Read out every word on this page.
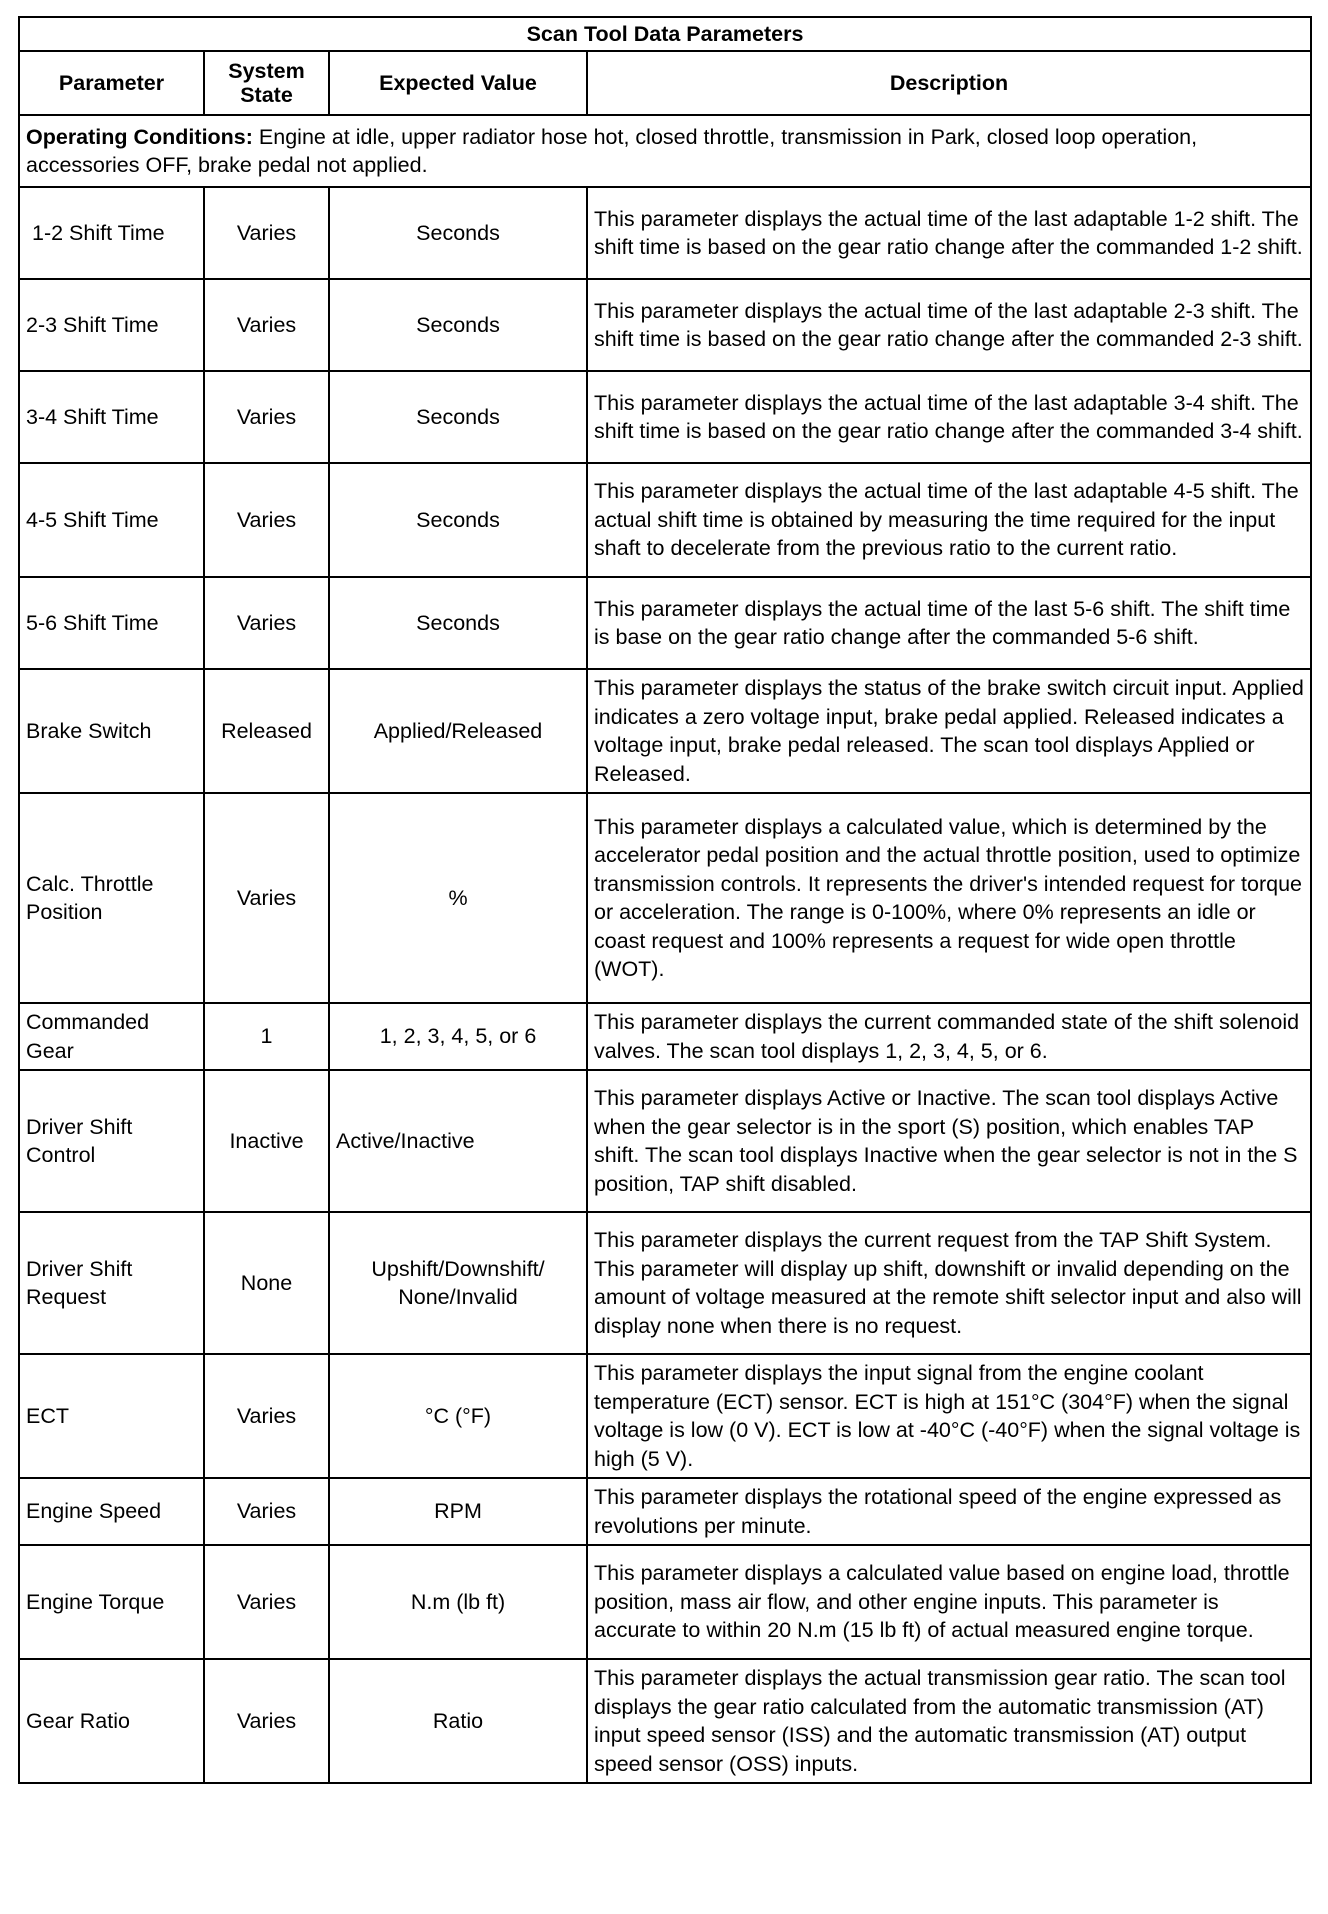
Scan Tool Data Parameters			
Parameter	System State	Expected Value	Description
Operating Conditions: Engine at idle, upper radiator hose hot, closed throttle, transmission in Park, closed loop operation, accessories OFF, brake pedal not applied.			
1-2 Shift Time	Varies	Seconds	This parameter displays the actual time of the last adaptable 1-2 shift. The shift time is based on the gear ratio change after the commanded 1-2 shift.
2-3 Shift Time	Varies	Seconds	This parameter displays the actual time of the last adaptable 2-3 shift. The shift time is based on the gear ratio change after the commanded 2-3 shift.
3-4 Shift Time	Varies	Seconds	This parameter displays the actual time of the last adaptable 3-4 shift. The shift time is based on the gear ratio change after the commanded 3-4 shift.
4-5 Shift Time	Varies	Seconds	This parameter displays the actual time of the last adaptable 4-5 shift. The actual shift time is obtained by measuring the time required for the input shaft to decelerate from the previous ratio to the current ratio.
5-6 Shift Time	Varies	Seconds	This parameter displays the actual time of the last 5-6 shift. The shift time is base on the gear ratio change after the commanded 5-6 shift.
Brake Switch	Released	Applied/Released	This parameter displays the status of the brake switch circuit input. Applied indicates a zero voltage input, brake pedal applied. Released indicates a voltage input, brake pedal released. The scan tool displays Applied or Released.
Calc. Throttle Position	Varies	%	This parameter displays a calculated value, which is determined by the accelerator pedal position and the actual throttle position, used to optimize transmission controls. It represents the driver's intended request for torque or acceleration. The range is 0-100%, where 0% represents an idle or coast request and 100% represents a request for wide open throttle (WOT).
Commanded Gear	1	1, 2, 3, 4, 5, or 6	This parameter displays the current commanded state of the shift solenoid valves. The scan tool displays 1, 2, 3, 4, 5, or 6.
Driver Shift Control	Inactive	Active/Inactive	This parameter displays Active or Inactive. The scan tool displays Active when the gear selector is in the sport (S) position, which enables TAP shift. The scan tool displays Inactive when the gear selector is not in the S position, TAP shift disabled.
Driver Shift Request	None	Upshift/Downshift/ None/Invalid	This parameter displays the current request from the TAP Shift System. This parameter will display up shift, downshift or invalid depending on the amount of voltage measured at the remote shift selector input and also will display none when there is no request.
ECT	Varies	°C (°F)	This parameter displays the input signal from the engine coolant temperature (ECT) sensor. ECT is high at 151°C (304°F) when the signal voltage is low (0 V). ECT is low at -40°C (-40°F) when the signal voltage is high (5 V).
Engine Speed	Varies	RPM	This parameter displays the rotational speed of the engine expressed as revolutions per minute.
Engine Torque	Varies	N.m (lb ft)	This parameter displays a calculated value based on engine load, throttle position, mass air flow, and other engine inputs. This parameter is accurate to within 20 N.m (15 lb ft) of actual measured engine torque.
Gear Ratio	Varies	Ratio	This parameter displays the actual transmission gear ratio. The scan tool displays the gear ratio calculated from the automatic transmission (AT) input speed sensor (ISS) and the automatic transmission (AT) output speed sensor (OSS) inputs.
